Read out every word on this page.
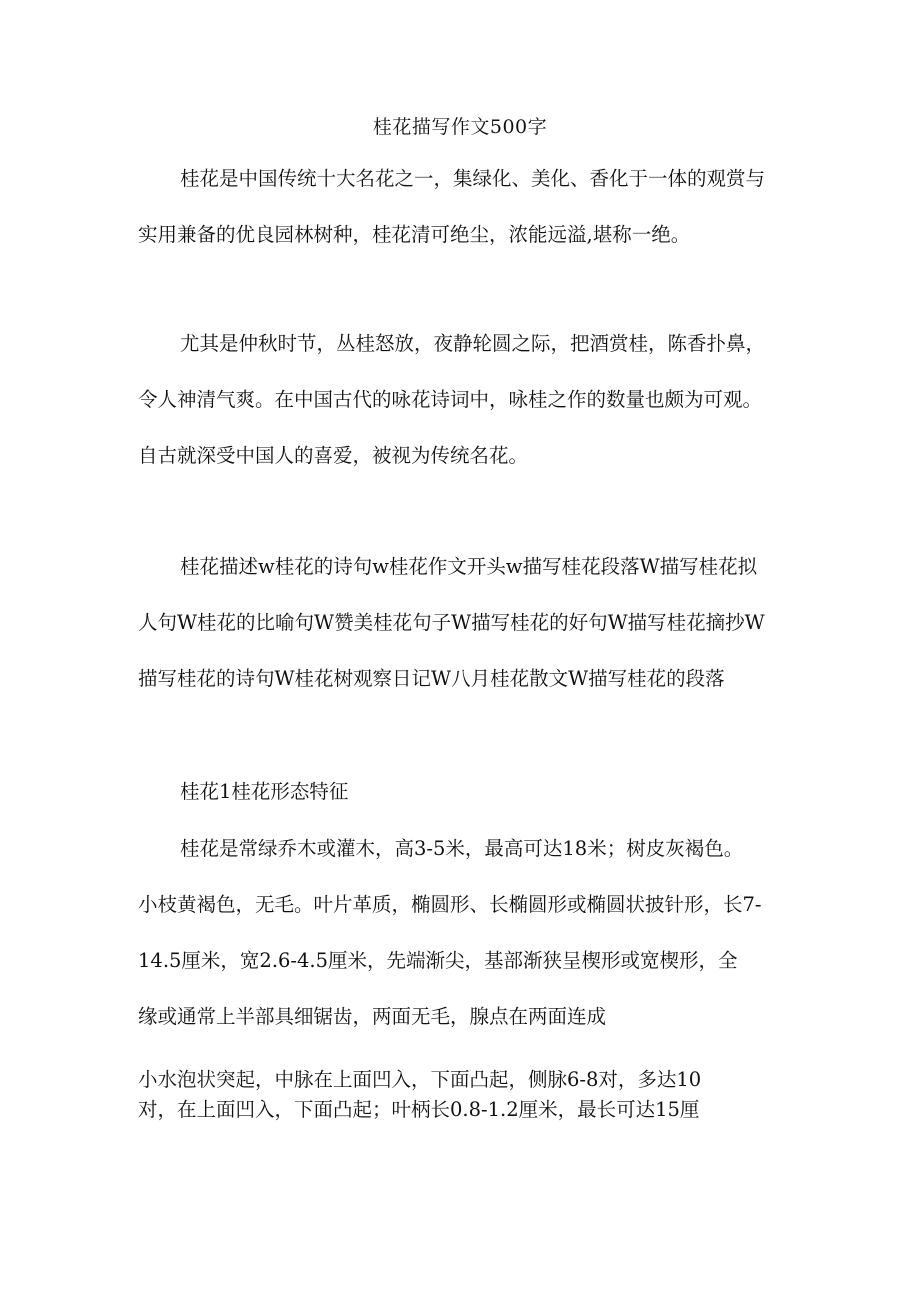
桂花描写作文500字
桂花是中国传统十大名花之一，集绿化、美化、香化于一体的观赏与
实用兼备的优良园林树种，桂花清可绝尘，浓能远溢,堪称一绝。
尤其是仲秋时节，丛桂怒放，夜静轮圆之际，把酒赏桂，陈香扑鼻，
令人神清气爽。在中国古代的咏花诗词中，咏桂之作的数量也颇为可观。
自古就深受中国人的喜爱，被视为传统名花。
桂花描述w桂花的诗句w桂花作文开头w描写桂花段落W描写桂花拟
人句W桂花的比喻句W赞美桂花句子W描写桂花的好句W描写桂花摘抄W
描写桂花的诗句W桂花树观察日记W八月桂花散文W描写桂花的段落
桂花1桂花形态特征
桂花是常绿乔木或灌木，高3-5米，最高可达18米；树皮灰褐色。
小枝黄褐色，无毛。叶片革质，椭圆形、长椭圆形或椭圆状披针形，长7-
14.5厘米，宽2.6-4.5厘米，先端渐尖，基部渐狭呈楔形或宽楔形，全
缘或通常上半部具细锯齿，两面无毛，腺点在两面连成
小水泡状突起，中脉在上面凹入，下面凸起，侧脉6-8对，多达10
对，在上面凹入，下面凸起；叶柄长0.8-1.2厘米，最长可达15厘
